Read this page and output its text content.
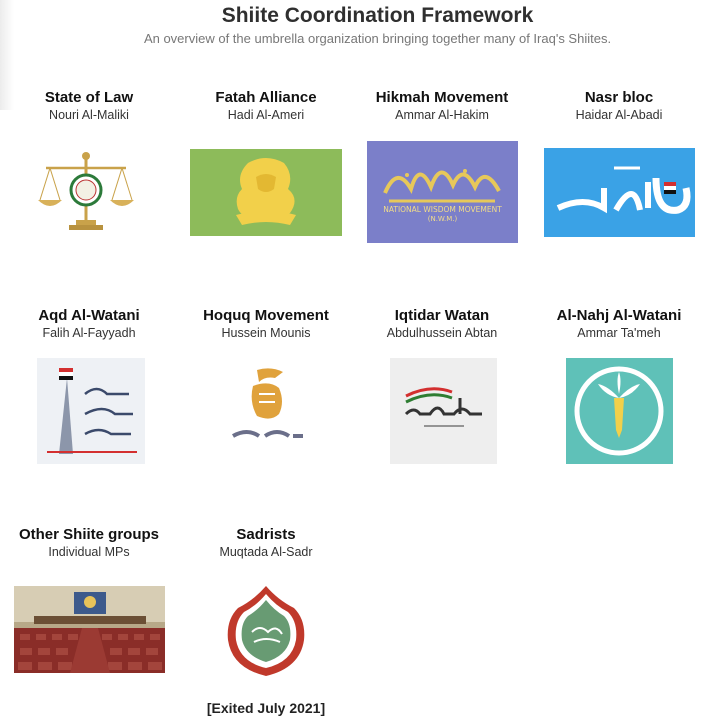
Shiite Coordination Framework
An overview of the umbrella organization bringing together many of Iraq's Shiites.
State of Law
Nouri Al-Maliki
Fatah Alliance
Hadi Al-Ameri
Hikmah Movement
Ammar Al-Hakim
Nasr bloc
Haidar Al-Abadi
NATIONAL WISDOM MOVEMENT
(N.W.M.)
Aqd Al-Watani
Falih Al-Fayyadh
Hoquq Movement
Hussein Mounis
Iqtidar Watan
Abdulhussein Abtan
Al-Nahj Al-Watani
Ammar Ta'meh
Other Shiite groups
Individual MPs
Sadrists
Muqtada Al-Sadr
[Exited July 2021]
